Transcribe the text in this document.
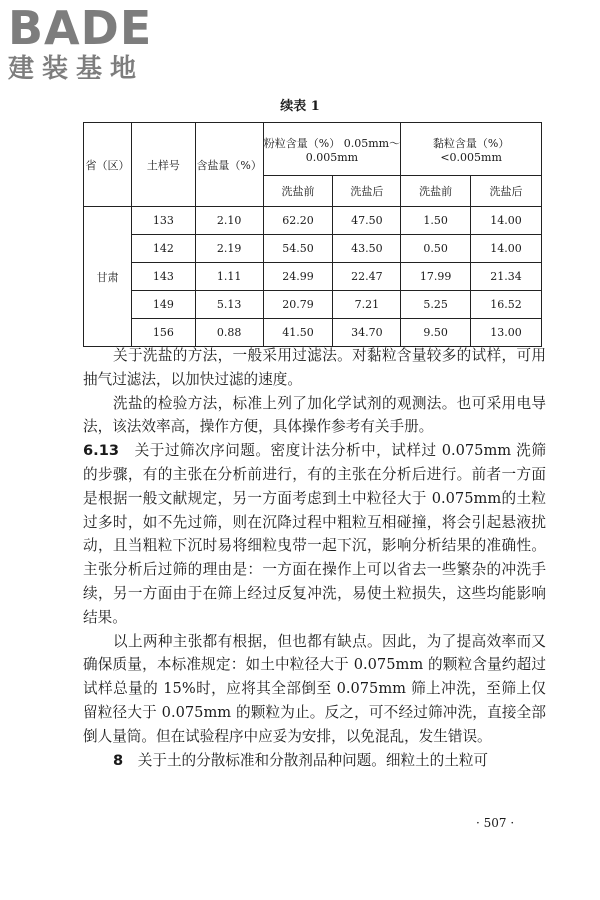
BADE
建装基地
续表 1
省（区）	土样号	含盐量（%）	粉粒含量（%） 0.05mm～0.005mm		黏粒含量（%） <0.005mm	
			洗盐前	洗盐后	洗盐前	洗盐后
甘肃	133	2.10	62.20	47.50	1.50	14.00
	142	2.19	54.50	43.50	0.50	14.00
	143	1.11	24.99	22.47	17.99	21.34
	149	5.13	20.79	7.21	5.25	16.52
	156	0.88	41.50	34.70	9.50	13.00

关于洗盐的方法，一般采用过滤法。对黏粒含量较多的试样，可用抽气过滤法，以加快过滤的速度。

洗盐的检验方法，标准上列了加化学试剂的观测法。也可采用电导法，该法效率高，操作方便，具体操作参考有关手册。

6.13　 关于过筛次序问题。密度计法分析中，试样过 0.075mm 洗筛的步骤，有的主张在分析前进行，有的主张在分析后进行。前者一方面是根据一般文献规定，另一方面考虑到土中粒径大于 0.075mm的土粒过多时，如不先过筛，则在沉降过程中粗粒互相碰撞，将会引起悬液扰动，且当粗粒下沉时易将细粒曳带一起下沉，影响分析结果的准确性。主张分析后过筛的理由是：一方面在操作上可以省去一些繁杂的冲洗手续，另一方面由于在筛上经过反复冲洗，易使土粒损失，这些均能影响结果。

以上两种主张都有根据，但也都有缺点。因此，为了提高效率而又确保质量，本标准规定：如土中粒径大于 0.075mm 的颗粒含量约超过试样总量的 15%时，应将其全部倒至 0.075mm 筛上冲洗，至筛上仅留粒径大于 0.075mm 的颗粒为止。反之，可不经过筛冲洗，直接全部倒人量筒。但在试验程序中应妥为安排，以免混乱，发生错误。

8　 关于土的分散标准和分散剂品种问题。细粒土的土粒可

· 507 ·
